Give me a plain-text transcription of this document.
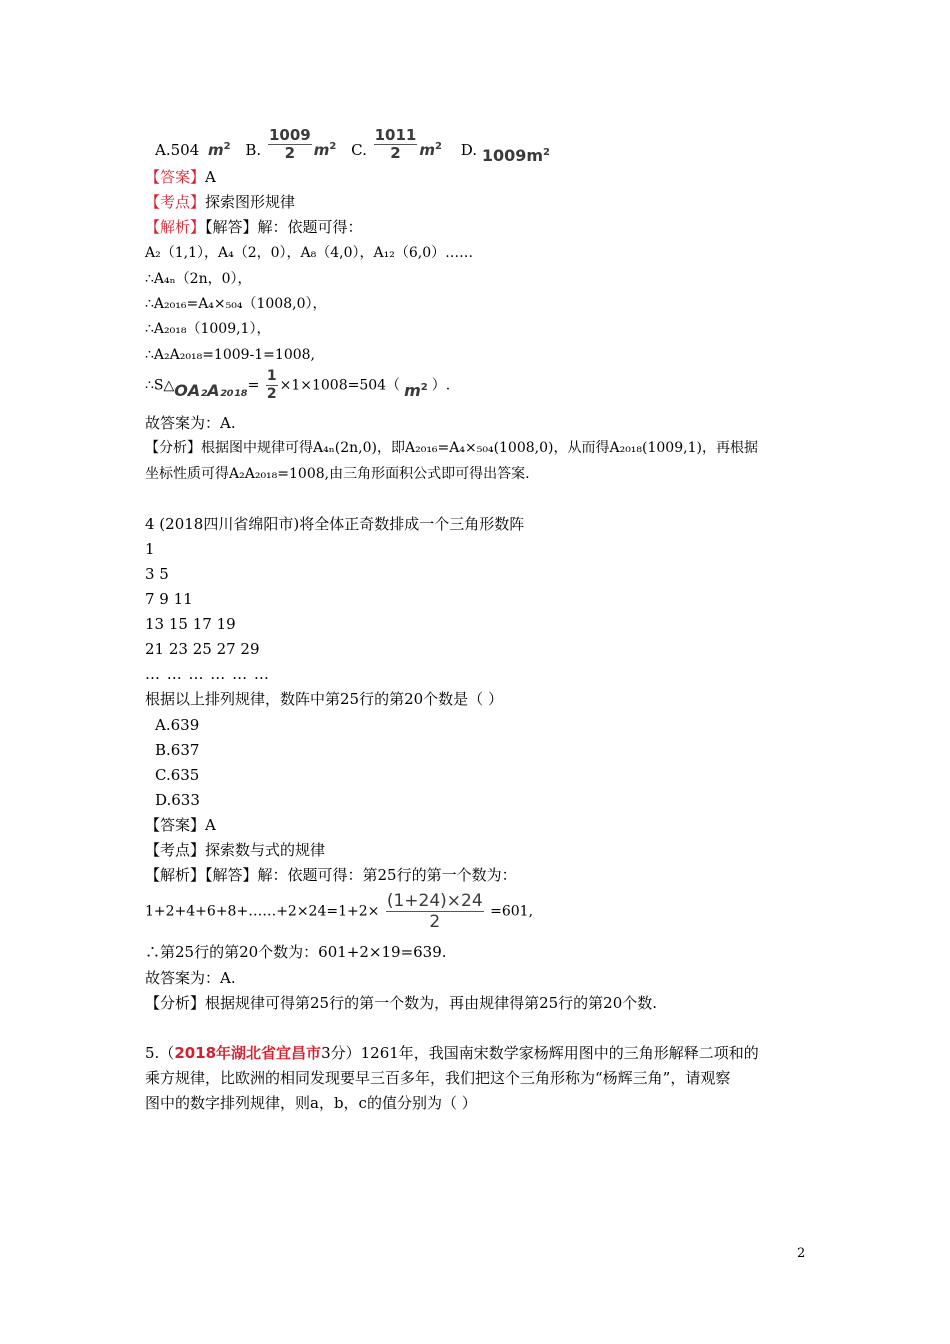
A.504 $m^2$ B. $\frac{1009}{2} m^2$ C. $\frac{1011}{2} m^2$ D. $1009m^2$
【答案】A
【考点】探索图形规律
【解析】【解答】解：依题可得：
A₂（1,1），A₄（2，0），A₈（4,0），A₁₂（6,0）……
∴A₄ₙ（2n，0），
∴A₂₀₁₆=A₄×₅₀₄（1008,0），
∴A₂₀₁₈（1009,1），
∴A₂A₂₀₁₈=1009-1=1008,
∴S△OA₂A₂₀₁₈= $\frac{1}{2} \times 1\times 1008=504$（ $m^2$ ）.
故答案为：A.
【分析】根据图中规律可得A₄ₙ(2n,0)，即A₂₀₁₆=A₄×₅₀₄(1008,0)，从而得A₂₀₁₈(1009,1)，再根据
坐标性质可得A₂A₂₀₁₈=1008,由三角形面积公式即可得出答案.
4 (2018四川省绵阳市)将全体正奇数排成一个三角形数阵
1
3 5
7 9 11
13 15 17 19
21 23 25 27 29
… … … … … …
根据以上排列规律，数阵中第25行的第20个数是（ ）
A.639
B.637
C.635
D.633
【答案】A
【考点】探索数与式的规律
【解析】【解答】解：依题可得：第25行的第一个数为：
1+2+4+6+8+……+2×24=1+2× $\frac{(1+24)\times 24}{2} =601$,
∴第25行的第20个数为：601+2×19=639.
故答案为：A.
【分析】根据规律可得第25行的第一个数为，再由规律得第25行的第20个数.
5.（2018年湖北省宜昌市3分）1261年，我国南宋数学家杨辉用图中的三角形解释二项和的
乘方规律，比欧洲的相同发现要早三百多年，我们把这个三角形称为“杨辉三角”，请观察
图中的数字排列规律，则a，b，c的值分别为（ ）
2
